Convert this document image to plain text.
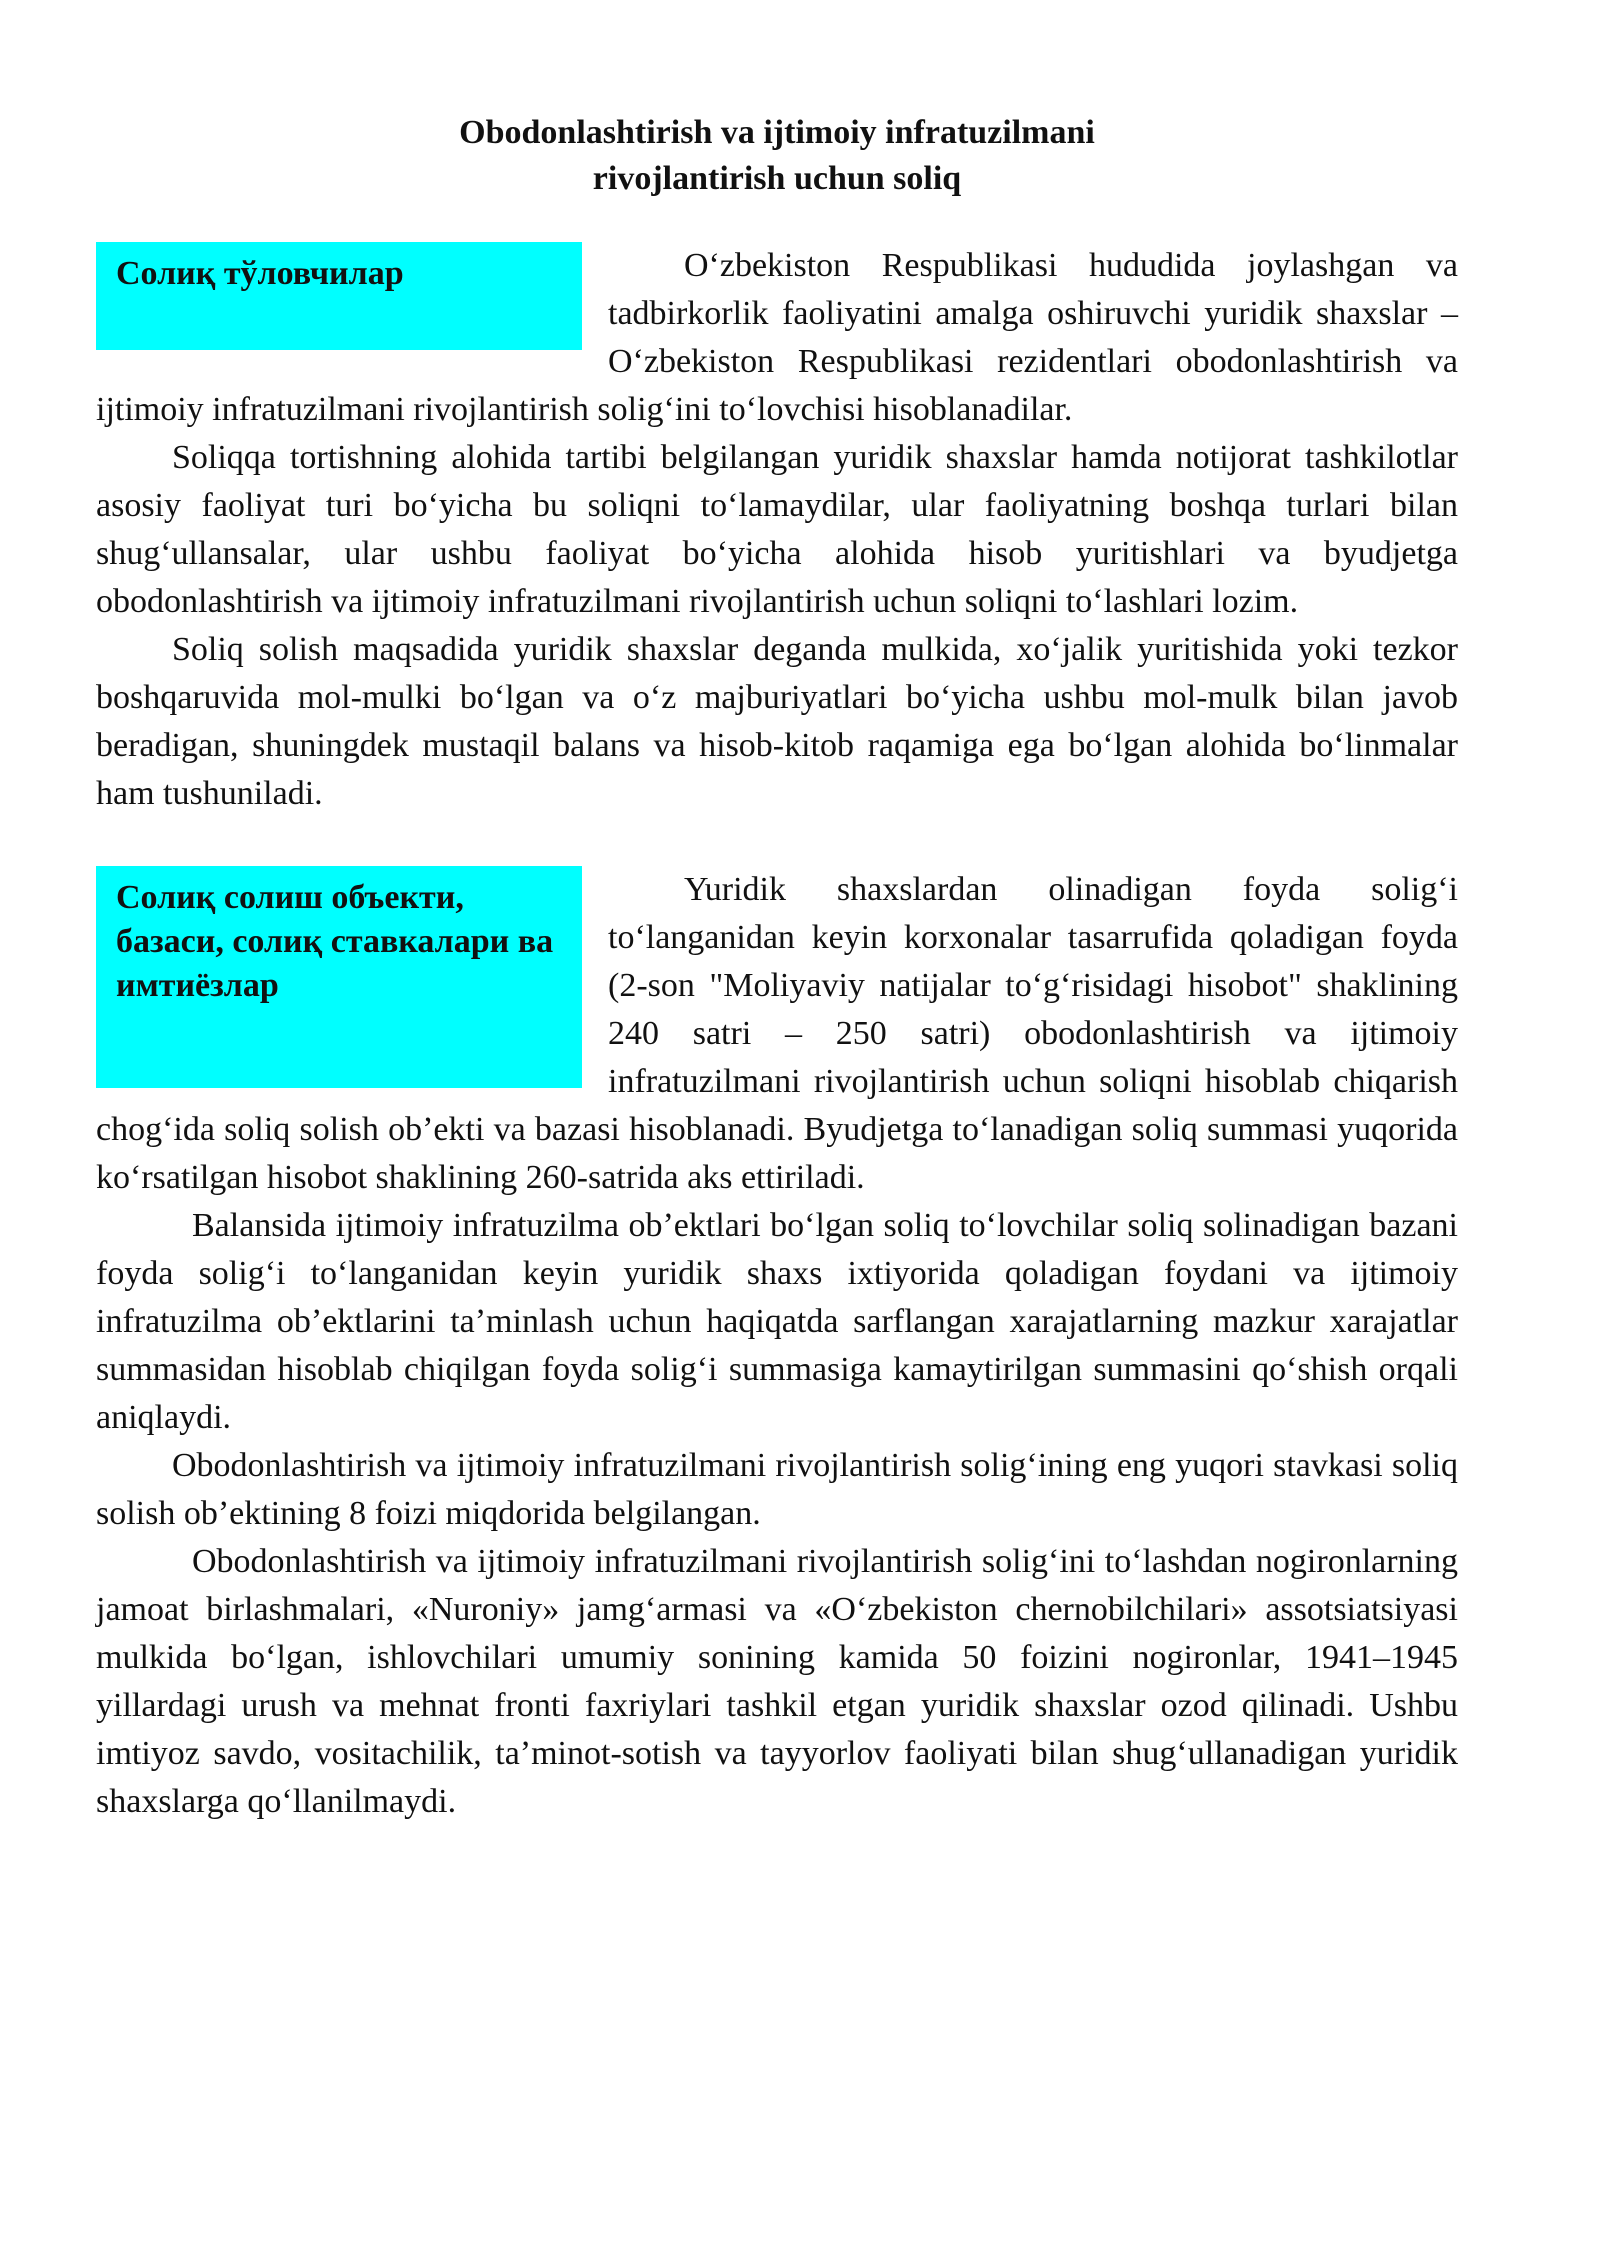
Obodonlashtirish va ijtimoiy infratuzilmani
rivojlantirish uchun soliq
Солиқ тўловчилар	Oʻzbekiston Respublikasi hududida joylashgan va tadbirkorlik faoliyatini amalga oshiruvchi yuridik shaxslar –Oʻzbekiston Respublikasi rezidentlari obodonlashtirish va ijtimoiy infratuzilmani rivojlantirish soligʻini toʻlovchisi hisoblanadilar.

Soliqqa tortishning alohida tartibi belgilangan yuridik shaxslar hamda notijorat tashkilotlar asosiy faoliyat turi boʻyicha bu soliqni toʻlamaydilar, ular faoliyatning boshqa turlari bilan shugʻullansalar, ular ushbu faoliyat boʻyicha alohida hisob yuritishlari va byudjetga obodonlashtirish va ijtimoiy infratuzilmani rivojlantirish uchun soliqni toʻlashlari lozim.

Soliq solish maqsadida yuridik shaxslar deganda mulkida, xoʻjalik yuritishida yoki tezkor boshqaruvida mol-mulki boʻlgan va oʻz majburiyatlari boʻyicha ushbu mol-mulk bilan javob beradigan, shuningdek mustaqil balans va hisob-kitob raqamiga ega boʻlgan alohida boʻlinmalar ham tushuniladi.

Солиқ солиш объекти, базаси, солиқ ставкалари ва имтиёзлар

Yuridik shaxslardan olinadigan foyda soligʻi toʻlanganidan keyin korxonalar tasarrufida qoladigan foyda (2-son "Moliyaviy natijalar toʻgʻrisidagi hisobot" shaklining 240 satri – 250 satri) obodonlashtirish va ijtimoiy infratuzilmani rivojlantirish uchun soliqni hisoblab chiqarish chogʻida soliq solish obʼekti va bazasi hisoblanadi. Byudjetga toʻlanadigan soliq summasi yuqorida koʻrsatilgan hisobot shaklining 260-satrida aks ettiriladi.

Balansida ijtimoiy infratuzilma obʼektlari boʻlgan soliq toʻlovchilar soliq solinadigan bazani foyda soligʻi toʻlanganidan keyin yuridik shaxs ixtiyorida qoladigan foydani va ijtimoiy infratuzilma obʼektlarini taʼminlash uchun haqiqatda sarflangan xarajatlarning mazkur xarajatlar summasidan hisoblab chiqilgan foyda soligʻi summasiga kamaytirilgan summasini qoʻshish orqali aniqlaydi.

Obodonlashtirish va ijtimoiy infratuzilmani rivojlantirish soligʻining eng yuqori stavkasi soliq solish obʼektining 8 foizi miqdorida belgilangan.

Obodonlashtirish va ijtimoiy infratuzilmani rivojlantirish soligʻini toʻlashdan nogironlarning jamoat birlashmalari, «Nuroniy» jamgʻarmasi va «Oʻzbekiston chernobilchilari» assotsiatsiyasi mulkida boʻlgan, ishlovchilari umumiy sonining kamida 50 foizini nogironlar, 1941–1945 yillardagi urush va mehnat fronti faxriylari tashkil etgan yuridik shaxslar ozod qilinadi. Ushbu imtiyoz savdo, vositachilik, taʼminot-sotish va tayyorlov faoliyati bilan shugʻullanadigan yuridik shaxslarga qoʻllanilmaydi.
